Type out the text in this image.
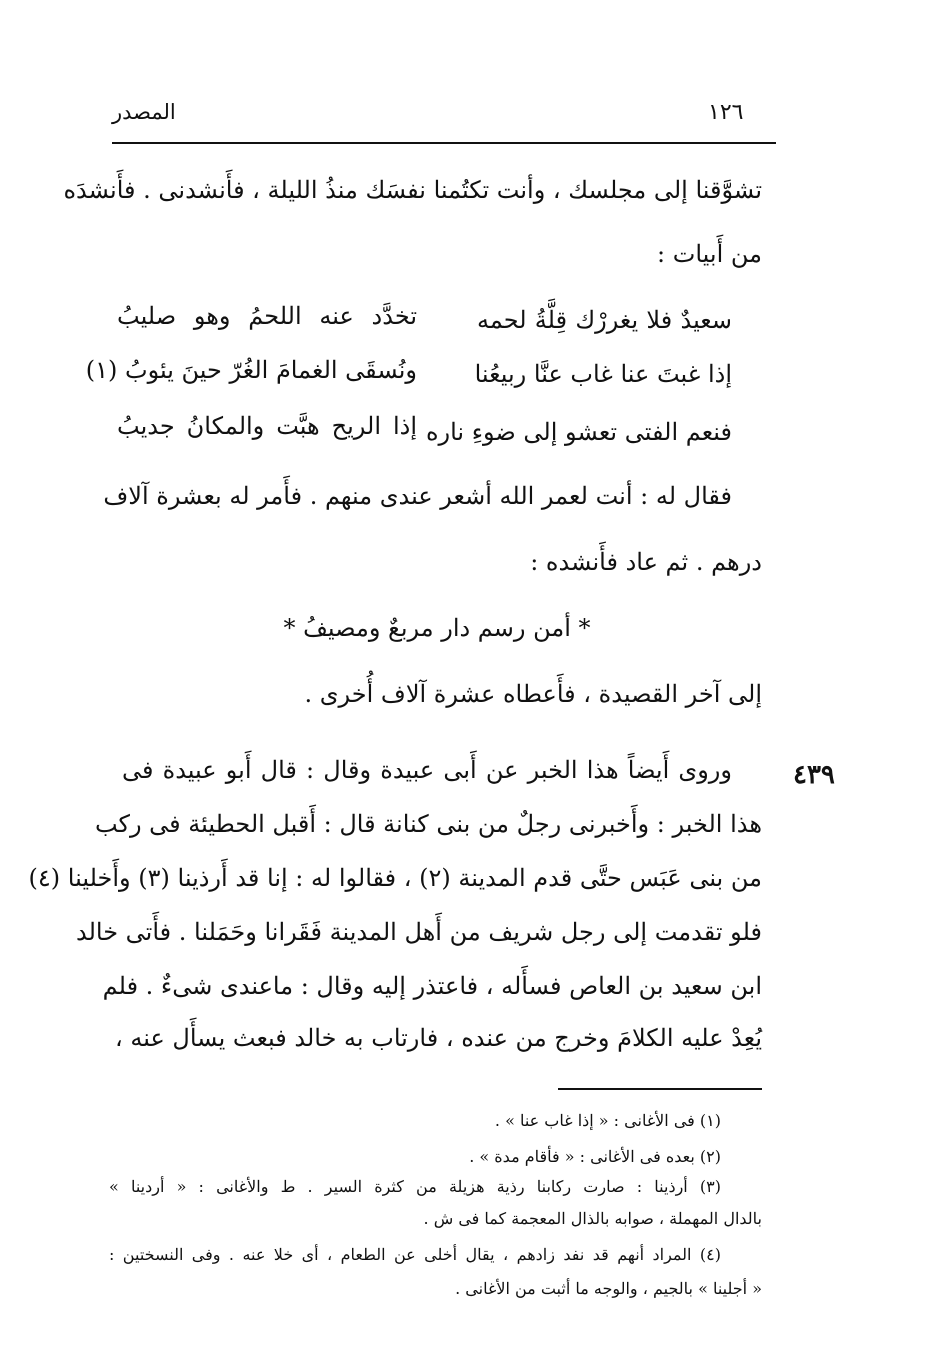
المصدر	١٢٦
تشوَّقنا إلى مجلسك ، وأنت تكتُمنا نفسَك منذُ الليلة ، فأَنشدنى . فأَنشدَه
من أَبيات :
سعيدٌ فلا يغررْك قِلَّةُ لحمه
تخدَّد عنه اللحمُ وهو صليبُ
إذا غبتَ عنا غاب عنَّا ربيعُنا
ونُسقَى الغمامَ الغُرّ حينَ يئوبُ (١)
فنعم الفتى تعشو إلى ضوءِ ناره
إذا الريح هبَّت والمكانُ جديبُ
فقال له : أنت لعمر الله أشعر عندى منهم . فأَمر له بعشرة آلاف
درهم . ثم عاد فأَنشده :
* أمن رسم دار مربعٌ ومصيفُ *
إلى آخر القصيدة ، فأَعطاه عشرة آلاف أُخرى .
٤٣٩
وروى أَيضاً هذا الخبر عن أَبى عبيدة وقال : قال أَبو عبيدة فى
هذا الخبر : وأَخبرنى رجلٌ من بنى كنانة قال : أَقبل الحطيئة فى ركب
من بنى عَبَس حتَّى قدم المدينة (٢) ، فقالوا له : إنا قد أَرذينا (٣) وأَخلينا (٤)
فلو تقدمت إلى رجل شريف من أَهل المدينة فَقَرانا وحَمَلنا . فأَتى خالد
ابن سعيد بن العاص فسأَله ، فاعتذر إليه وقال : ماعندى شىءٌ . فلم
يُعِدْ عليه الكلامَ وخرج من عنده ، فارتاب به خالد فبعث يسأَل عنه ،
(١) فى الأغانى : « إذا غاب عنا » .
(٢) بعده فى الأغانى : « فأقام مدة » .
(٣) أرذينا : صارت ركابنا رذية هزيلة من كثرة السير . ط والأغانى : « أردينا »
بالدال المهملة ، صوابه بالذال المعجمة كما فى ش .
(٤) المراد أنهم قد نفد زادهم ، يقال أخلى عن الطعام ، أى خلا عنه . وفى النسختين :
« أجلينا » بالجيم ، والوجه ما أثبت من الأغانى .
